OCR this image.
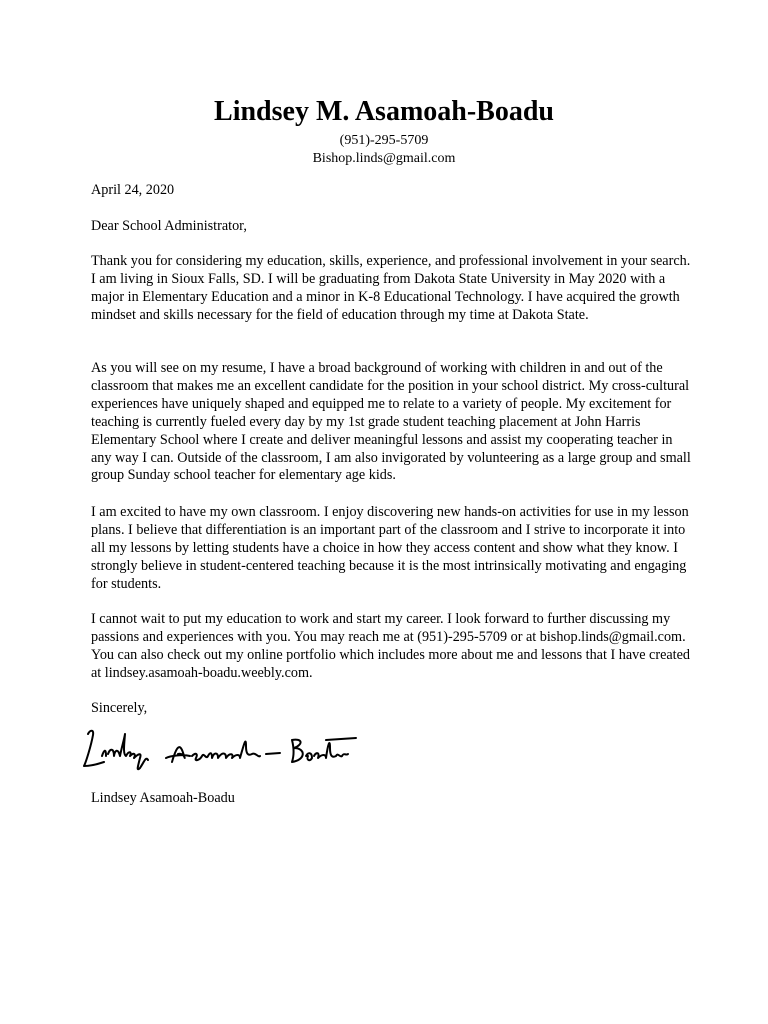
Lindsey M. Asamoah-Boadu
(951)-295-5709
Bishop.linds@gmail.com
April 24, 2020
Dear School Administrator,
Thank you for considering my education, skills, experience, and professional involvement in your search. I am living in Sioux Falls, SD. I will be graduating from Dakota State University in May 2020 with a major in Elementary Education and a minor in K-8 Educational Technology. I have acquired the growth mindset and skills necessary for the field of education through my time at Dakota State.
As you will see on my resume, I have a broad background of working with children in and out of the classroom that makes me an excellent candidate for the position in your school district. My cross-cultural experiences have uniquely shaped and equipped me to relate to a variety of people. My excitement for teaching is currently fueled every day by my 1st grade student teaching placement at John Harris Elementary School where I create and deliver meaningful lessons and assist my cooperating teacher in any way I can. Outside of the classroom, I am also invigorated by volunteering as a large group and small group Sunday school teacher for elementary age kids.
I am excited to have my own classroom. I enjoy discovering new hands-on activities for use in my lesson plans. I believe that differentiation is an important part of the classroom and I strive to incorporate it into all my lessons by letting students have a choice in how they access content and show what they know. I strongly believe in student-centered teaching because it is the most intrinsically motivating and engaging for students.
I cannot wait to put my education to work and start my career. I look forward to further discussing my passions and experiences with you. You may reach me at (951)-295-5709 or at bishop.linds@gmail.com. You can also check out my online portfolio which includes more about me and lessons that I have created at lindsey.asamoah-boadu.weebly.com.
Sincerely,
Lindsey Asamoah-Boadu
